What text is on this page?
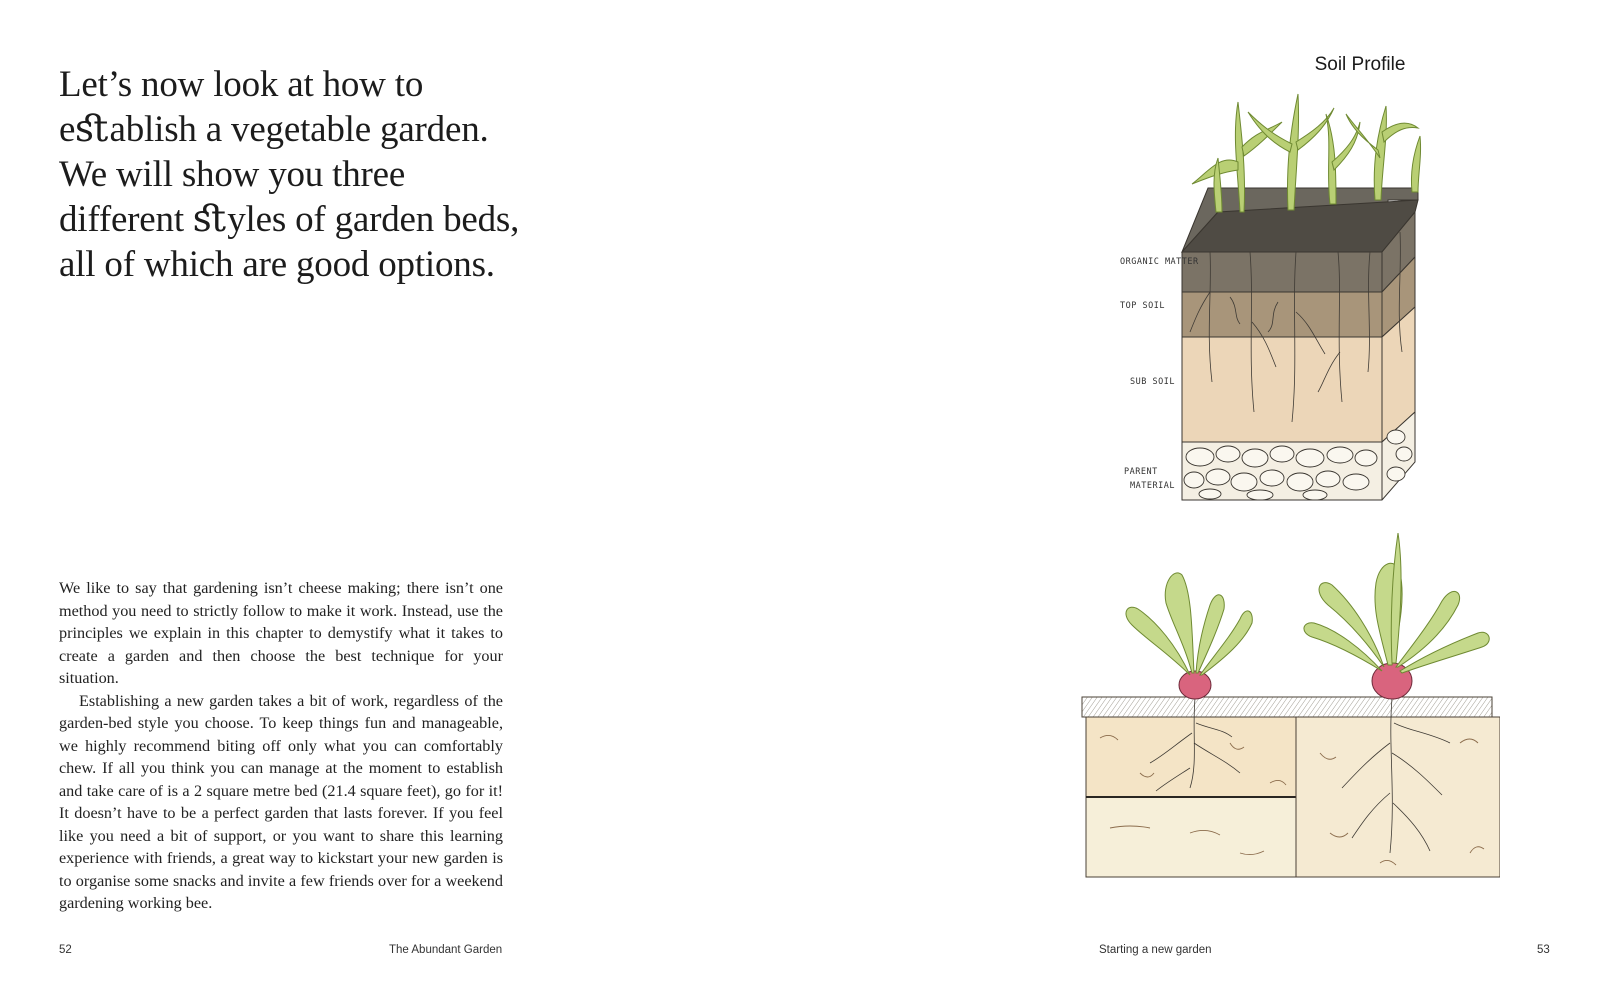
Let’s now look at how to
eﬆablish a vegetable garden.
We will show you three
different ﬆyles of garden beds,
all of which are good options.

We like to say that gardening isn’t cheese making; there isn’t one method you need to strictly follow to make it work. Instead, use the principles we explain in this chapter to demystify what it takes to create a garden and then choose the best technique for your situation.

Establishing a new garden takes a bit of work, regardless of the garden-bed style you choose. To keep things fun and manageable, we highly recommend biting off only what you can comfortably chew. If all you think you can manage at the moment to establish and take care of is a 2 square metre bed (21.4 square feet), go for it! It doesn’t have to be a perfect garden that lasts forever. If you feel like you need a bit of support, or you want to share this learning experience with friends, a great way to kickstart your new garden is to organise some snacks and invite a few friends over for a weekend gardening working bee.

52	The Abundant Garden
Soil Profile
ORGANIC MATTER
TOP SOIL
SUB SOIL
PARENT
MATERIAL
Starting a new garden	53
